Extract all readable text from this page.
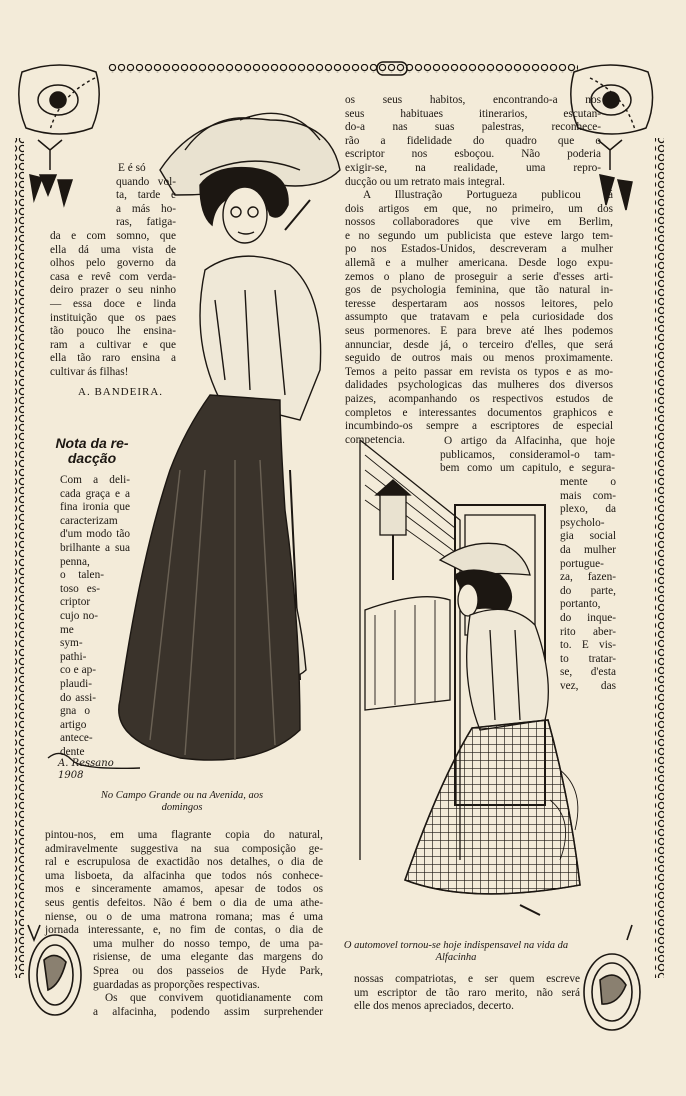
os seus habitos, encontrando-a nos
seus habituaes itinerarios, escutan-
do-a nas suas palestras, reconhece-
rão a fidelidade do quadro que o
escriptor nos esboçou. Não poderia
exigir-se, na realidade, uma repro-
ducção ou um retrato mais integral.
A Illustração Portugueza publicou já
dois artigos em que, no primeiro, um dos
nossos collaboradores que vive em Berlim,
e no segundo um publicista que esteve largo tem-
po nos Estados-Unidos, descreveram a mulher
allemã e a mulher americana. Desde logo expu-
zemos o plano de proseguir a serie d'esses arti-
gos de psychologia feminina, que tão natural in-
teresse despertaram aos nossos leitores, pelo
assumpto que tratavam e pela curiosidade dos
seus pormenores. E para breve até lhes podemos
annunciar, desde já, o terceiro d'elles, que será
seguido de outros mais ou menos proximamente.
Temos a peito passar em revista os typos e as mo-
dalidades psychologicas das mulheres dos diversos
paizes, acompanhando os respectivos estudos de
completos e interessantes documentos graphicos e
incumbindo-os sempre a escriptores de especial
competencia.	O artigo da Alfacinha, que hoje
publicamos, consideramol-o tam-
bem como um capitulo, e segura-
mente o
mais com-
plexo, da
psycholo-
gia social
da mulher
portugue-
za, fazen-
do parte,
portanto,
do inque-
rito aber-
to. E vis-
to tratar-
se, d'esta
vez, das
E é só
quando vol-
ta, tarde e
a más ho-
ras, fatiga-
da e com somno, que
ella dá uma vista de
olhos pelo governo da
casa e revê com verda-
deiro prazer o seu ninho
— essa doce e linda
instituição que os paes
tão pouco lhe ensina-
ram a cultivar e que
ella tão raro ensina a
cultivar ás filhas!
A. BANDEIRA.
Nota da re-dacção
Com a deli-
cada graça e a
fina ironia que
caracterizam
d'um modo tão
brilhante a sua
penna,
o talen-
toso es-
criptor
cujo no-
me sym-
pathi-
co e ap-
plaudi-
do assi-
gna o
artigo
antece-
dente
A. Ressano 1908
No Campo Grande ou na Avenida, aos domingos
O automovel tornou-se hoje indispensavel na vida da Alfacinha
pintou-nos, em uma flagrante copia do natural,
admiravelmente suggestiva na sua composição ge-
ral e escrupulosa de exactidão nos detalhes, o dia de
uma lisboeta, da alfacinha que todos nós conhece-
mos e sinceramente amamos, apesar de todos os
seus gentis defeitos. Não é bem o dia de uma athe-
niense, ou o de uma matrona romana; mas é uma
jornada interessante, e, no fim de contas, o dia de
uma mulher do nosso tempo, de uma pa-
risiense, de uma elegante das margens do
Sprea ou dos passeios de Hyde Park,
guardadas as proporções respectivas.
Os que convivem quotidianamente com
a alfacinha, podendo assim surprehender
nossas compatriotas, e ser quem escreve
um escriptor de tão raro merito, não será
elle dos menos apreciados, decerto.
